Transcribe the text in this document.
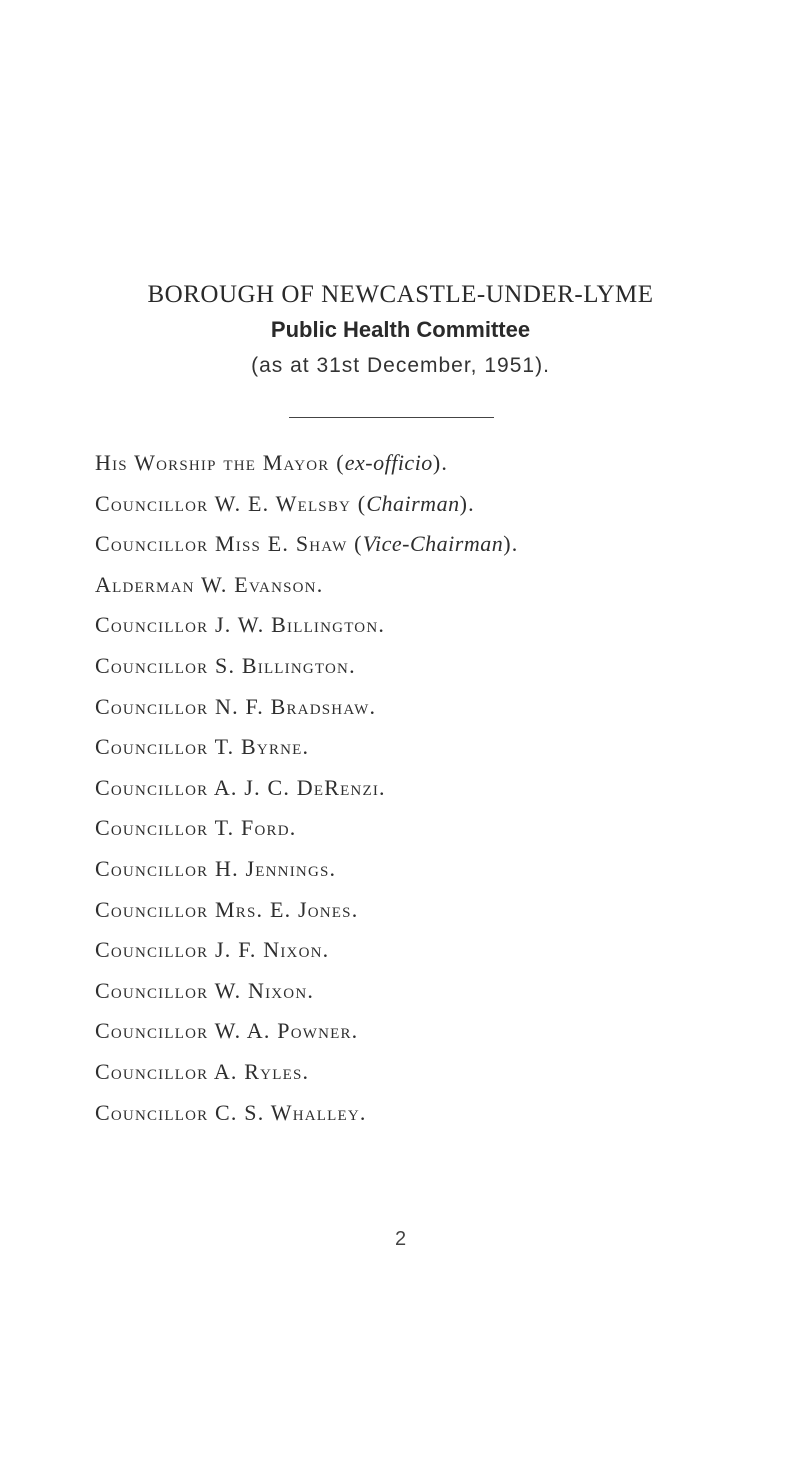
BOROUGH OF NEWCASTLE-UNDER-LYME
Public Health Committee
(as at 31st December, 1951).
His Worship the Mayor (ex-officio).
Councillor W. E. Welsby (Chairman).
Councillor Miss E. Shaw (Vice-Chairman).
Alderman W. Evanson.
Councillor J. W. Billington.
Councillor S. Billington.
Councillor N. F. Bradshaw.
Councillor T. Byrne.
Councillor A. J. C. DeRenzi.
Councillor T. Ford.
Councillor H. Jennings.
Councillor Mrs. E. Jones.
Councillor J. F. Nixon.
Councillor W. Nixon.
Councillor W. A. Powner.
Councillor A. Ryles.
Councillor C. S. Whalley.
2
